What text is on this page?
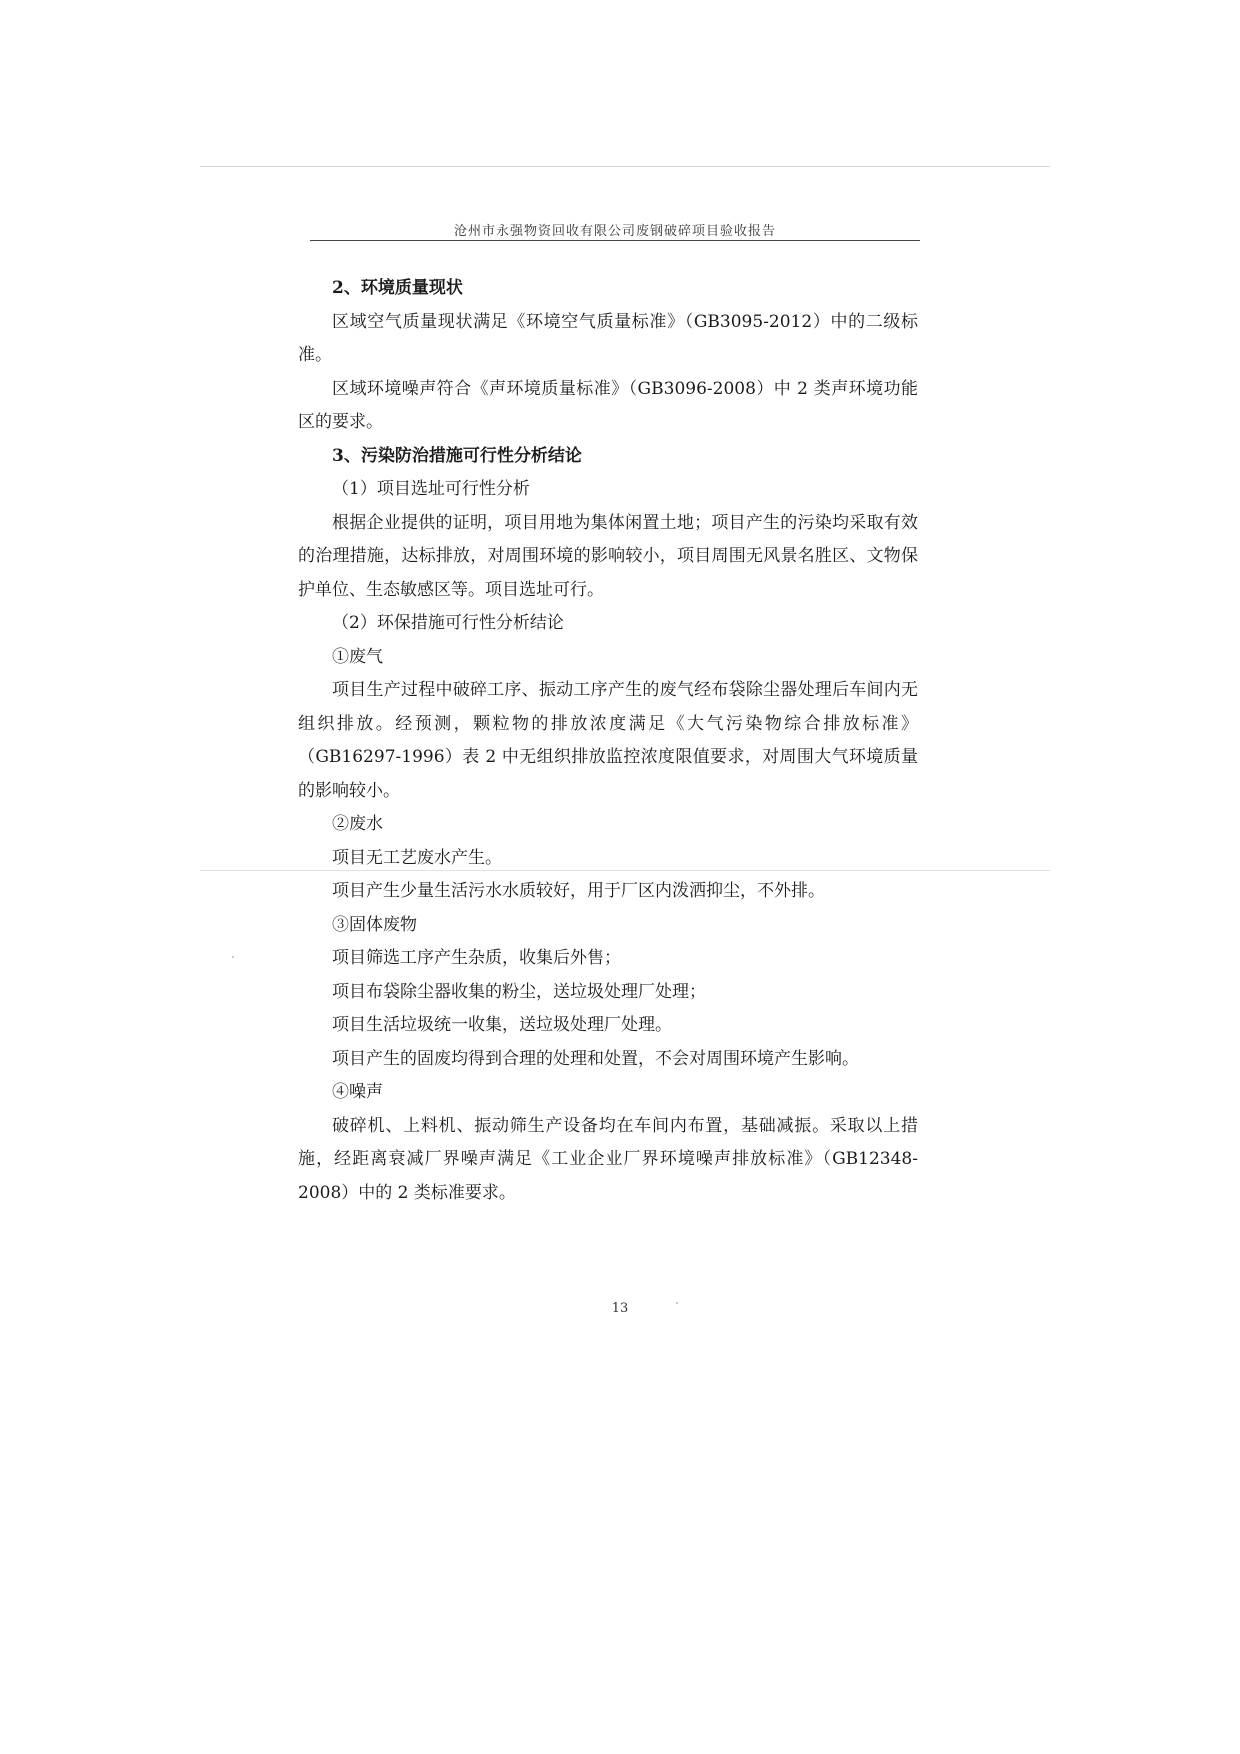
沧州市永强物资回收有限公司废钢破碎项目验收报告

2、环境质量现状

区域空气质量现状满足《环境空气质量标准》（GB3095-2012）中的二级标准。

区域环境噪声符合《声环境质量标准》（GB3096-2008）中 2 类声环境功能区的要求。

3、污染防治措施可行性分析结论

（1）项目选址可行性分析

根据企业提供的证明，项目用地为集体闲置土地；项目产生的污染均采取有效的治理措施，达标排放，对周围环境的影响较小，项目周围无风景名胜区、文物保护单位、生态敏感区等。项目选址可行。

（2）环保措施可行性分析结论

①废气

项目生产过程中破碎工序、振动工序产生的废气经布袋除尘器处理后车间内无组织排放。经预测，颗粒物的排放浓度满足《大气污染物综合排放标准》（GB16297-1996）表 2 中无组织排放监控浓度限值要求，对周围大气环境质量的影响较小。

②废水

项目无工艺废水产生。

项目产生少量生活污水水质较好，用于厂区内泼洒抑尘，不外排。

③固体废物

项目筛选工序产生杂质，收集后外售；

项目布袋除尘器收集的粉尘，送垃圾处理厂处理；

项目生活垃圾统一收集，送垃圾处理厂处理。

项目产生的固废均得到合理的处理和处置，不会对周围环境产生影响。

④噪声

破碎机、上料机、振动筛生产设备均在车间内布置，基础减振。采取以上措施，经距离衰减厂界噪声满足《工业企业厂界环境噪声排放标准》（GB12348-2008）中的 2 类标准要求。

13
